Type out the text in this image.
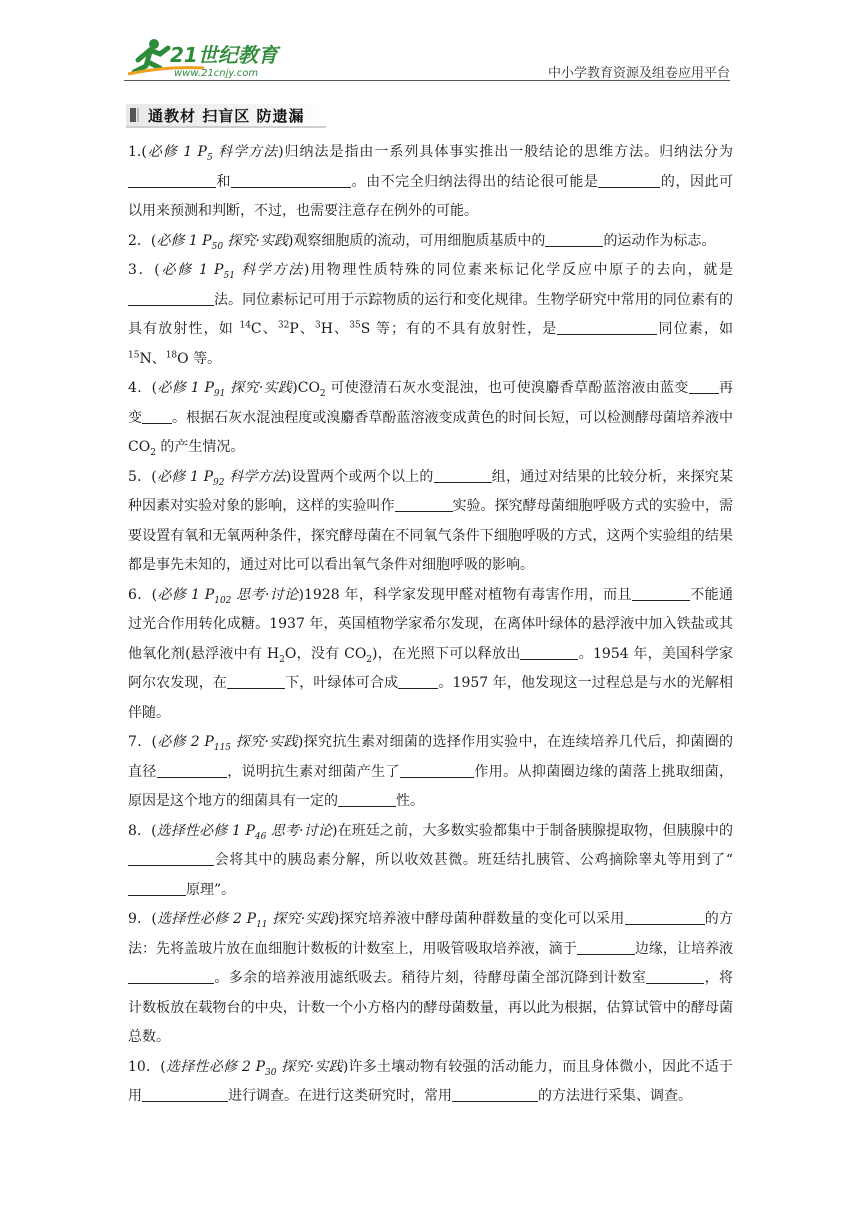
21世纪教育
www.21cnjy.com	中小学教育资源及组卷应用平台
通教材 扫盲区 防遗漏

1.(必修 1 $P_5$ 科学方法)归纳法是指由一系列具体事实推出一般结论的思维方法。归纳法分为和	。由不完全归纳法得出的结论很可能是	的，因此可以用来预测和判断，不过，也需要注意存在例外的可能。

2．(必修 1 $P_{50}$ 探究·实践)观察细胞质的流动，可用细胞质基质中的	的运动作为标志。

3．(必修 1 $P_{51}$ 科学方法)用物理性质特殊的同位素来标记化学反应中原子的去向，就是法。同位素标记可用于示踪物质的运行和变化规律。生物学研究中常用的同位素有的具有放射性，如 $^{14}$C、$^{32}$P、$^3$H、$^{35}$S 等；有的不具有放射性，是	同位素，如 $^{15}$N、$^{18}$O 等。

4．(必修 1 $P_{91}$ 探究·实践)$CO_2$ 可使澄清石灰水变混浊，也可使溴麝香草酚蓝溶液由蓝变 再变 。根据石灰水混浊程度或溴麝香草酚蓝溶液变成黄色的时间长短，可以检测酵母菌培养液中 $CO_2$ 的产生情况。

5．(必修 1 $P_{92}$ 科学方法)设置两个或两个以上的	组，通过对结果的比较分析，来探究某种因素对实验对象的影响，这样的实验叫作	实验。探究酵母菌细胞呼吸方式的实验中，需要设置有氧和无氧两种条件，探究酵母菌在不同氧气条件下细胞呼吸的方式，这两个实验组的结果都是事先未知的，通过对比可以看出氧气条件对细胞呼吸的影响。

6．(必修 1 $P_{102}$ 思考·讨论)1928 年，科学家发现甲醛对植物有毒害作用，而且	不能通过光合作用转化成糖。1937 年，英国植物学家希尔发现，在离体叶绿体的悬浮液中加入铁盐或其他氧化剂(悬浮液中有 $H_2O$，没有 $CO_2$)，在光照下可以释放出	。1954 年，美国科学家阿尔农发现，在	下，叶绿体可合成	。1957 年，他发现这一过程总是与水的光解相伴随。

7．(必修 2 $P_{115}$ 探究·实践)探究抗生素对细菌的选择作用实验中，在连续培养几代后，抑菌圈的直径	，说明抗生素对细菌产生了	作用。从抑菌圈边缘的菌落上挑取细菌，原因是这个地方的细菌具有一定的	性。

8．(选择性必修 1 $P_{46}$ 思考·讨论)在班廷之前，大多数实验都集中于制备胰腺提取物，但胰腺中的会将其中的胰岛素分解，所以收效甚微。班廷结扎胰管、公鸡摘除睾丸等用到了“原理”。

9．(选择性必修 2 $P_{11}$ 探究·实践)探究培养液中酵母菌种群数量的变化可以采用	的方法：先将盖玻片放在血细胞计数板的计数室上，用吸管吸取培养液，滴于	边缘，让培养液。多余的培养液用滤纸吸去。稍待片刻，待酵母菌全部沉降到计数室	，将计数板放在载物台的中央，计数一个小方格内的酵母菌数量，再以此为根据，估算试管中的酵母菌总数。

10．(选择性必修 2 $P_{30}$ 探究·实践)许多土壤动物有较强的活动能力，而且身体微小，因此不适于用	进行调查。在进行这类研究时，常用	的方法进行采集、调查。
